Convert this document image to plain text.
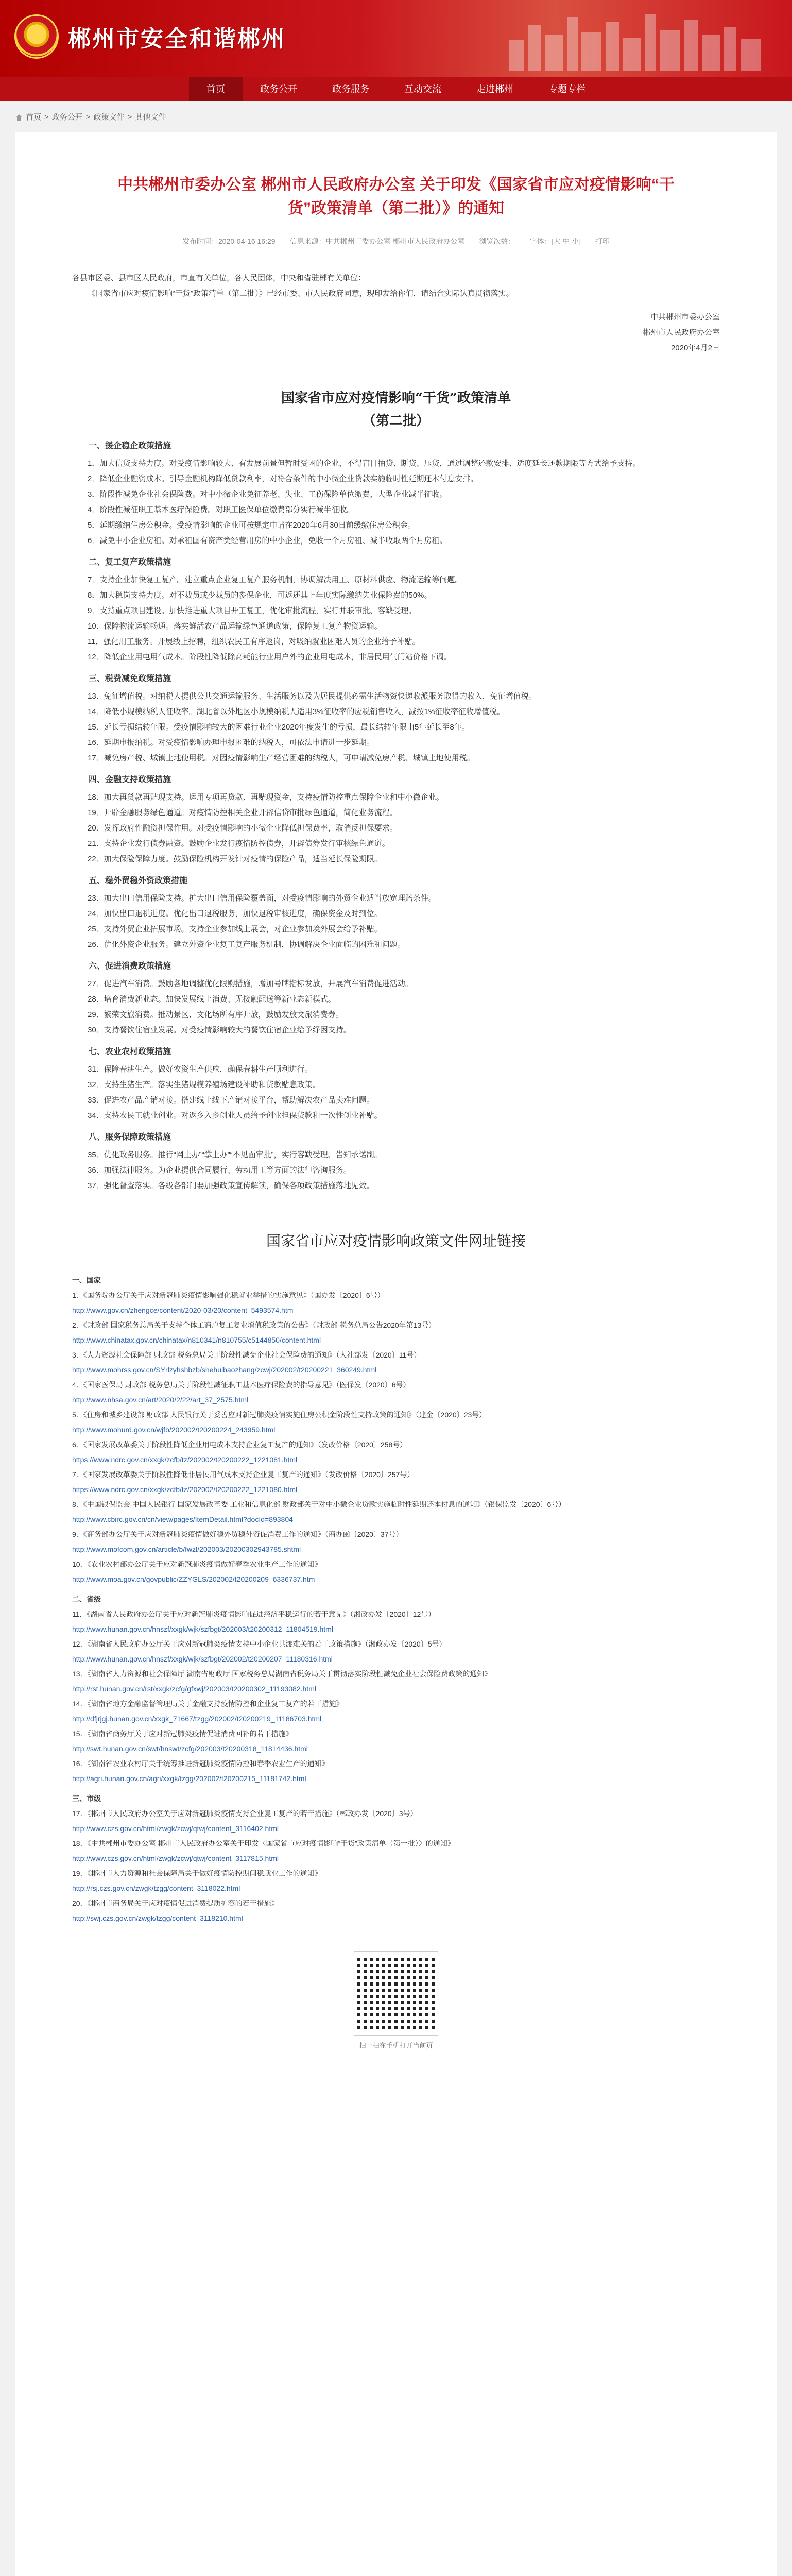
郴州市安全和谐郴州
首页	政务公开	政务服务	互动交流	走进郴州	专题专栏
首页 > 政务公开 > 政策文件 > 其他文件
中共郴州市委办公室 郴州市人民政府办公室 关于印发《国家省市应对疫情影响“干货”政策清单（第二批）》的通知
发布时间：2020-04-16 16:29 信息来源：中共郴州市委办公室 郴州市人民政府办公室 浏览次数： 字体：[大 中 小] 打印

各县市区委、县市区人民政府，市直有关单位，各人民团体，中央和省驻郴有关单位：

《国家省市应对疫情影响“干货”政策清单（第二批）》已经市委、市人民政府同意，现印发给你们，请结合实际认真贯彻落实。

中共郴州市委办公室
郴州市人民政府办公室
2020年4月2日
国家省市应对疫情影响“干货”政策清单
（第二批）
一、援企稳企政策措施

1．加大信贷支持力度。对受疫情影响较大、有发展前景但暂时受困的企业，不得盲目抽贷、断贷、压贷，通过调整还款安排、适度延长还款期限等方式给予支持。

2．降低企业融资成本。引导金融机构降低贷款利率，对符合条件的中小微企业贷款实施临时性延期还本付息安排。

3．阶段性减免企业社会保险费。对中小微企业免征养老、失业、工伤保险单位缴费，大型企业减半征收。

4．阶段性减征职工基本医疗保险费。对职工医保单位缴费部分实行减半征收。

5．延期缴纳住房公积金。受疫情影响的企业可按规定申请在2020年6月30日前缓缴住房公积金。

6．减免中小企业房租。对承租国有资产类经营用房的中小企业，免收一个月房租、减半收取两个月房租。

二、复工复产政策措施

7．支持企业加快复工复产。建立重点企业复工复产服务机制，协调解决用工、原材料供应、物流运输等问题。

8．加大稳岗支持力度。对不裁员或少裁员的参保企业，可返还其上年度实际缴纳失业保险费的50%。

9．支持重点项目建设。加快推进重大项目开工复工，优化审批流程，实行并联审批、容缺受理。

10．保障物流运输畅通。落实鲜活农产品运输绿色通道政策，保障复工复产物资运输。

11．强化用工服务。开展线上招聘，组织农民工有序返岗，对吸纳就业困难人员的企业给予补贴。

12．降低企业用电用气成本。阶段性降低除高耗能行业用户外的企业用电成本，非居民用气门站价格下调。

三、税费减免政策措施

13．免征增值税。对纳税人提供公共交通运输服务、生活服务以及为居民提供必需生活物资快递收派服务取得的收入，免征增值税。

14．降低小规模纳税人征收率。湖北省以外地区小规模纳税人适用3%征收率的应税销售收入，减按1%征收率征收增值税。

15．延长亏损结转年限。受疫情影响较大的困难行业企业2020年度发生的亏损，最长结转年限由5年延长至8年。

16．延期申报纳税。对受疫情影响办理申报困难的纳税人，可依法申请进一步延期。

17．减免房产税、城镇土地使用税。对因疫情影响生产经营困难的纳税人，可申请减免房产税、城镇土地使用税。

四、金融支持政策措施

18．加大再贷款再贴现支持。运用专项再贷款、再贴现资金，支持疫情防控重点保障企业和中小微企业。

19．开辟金融服务绿色通道。对疫情防控相关企业开辟信贷审批绿色通道，简化业务流程。

20．发挥政府性融资担保作用。对受疫情影响的小微企业降低担保费率，取消反担保要求。

21．支持企业发行债券融资。鼓励企业发行疫情防控债券，开辟债券发行审核绿色通道。

22．加大保险保障力度。鼓励保险机构开发针对疫情的保险产品，适当延长保险期限。

五、稳外贸稳外资政策措施

23．加大出口信用保险支持。扩大出口信用保险覆盖面，对受疫情影响的外贸企业适当放宽理赔条件。

24．加快出口退税进度。优化出口退税服务，加快退税审核进度，确保资金及时到位。

25．支持外贸企业拓展市场。支持企业参加线上展会，对企业参加境外展会给予补贴。

26．优化外资企业服务。建立外资企业复工复产服务机制，协调解决企业面临的困难和问题。

六、促进消费政策措施

27．促进汽车消费。鼓励各地调整优化限购措施，增加号牌指标发放，开展汽车消费促进活动。

28．培育消费新业态。加快发展线上消费、无接触配送等新业态新模式。

29．繁荣文旅消费。推动景区、文化场所有序开放，鼓励发放文旅消费券。

30．支持餐饮住宿业发展。对受疫情影响较大的餐饮住宿企业给予纾困支持。

七、农业农村政策措施

31．保障春耕生产。做好农资生产供应，确保春耕生产顺利进行。

32．支持生猪生产。落实生猪规模养殖场建设补助和贷款贴息政策。

33．促进农产品产销对接。搭建线上线下产销对接平台，帮助解决农产品卖难问题。

34．支持农民工就业创业。对返乡入乡创业人员给予创业担保贷款和一次性创业补贴。

八、服务保障政策措施

35．优化政务服务。推行“网上办”“掌上办”“不见面审批”，实行容缺受理、告知承诺制。

36．加强法律服务。为企业提供合同履行、劳动用工等方面的法律咨询服务。

37．强化督查落实。各级各部门要加强政策宣传解读，确保各项政策措施落地见效。

国家省市应对疫情影响政策文件网址链接
一、国家
1．《国务院办公厅关于应对新冠肺炎疫情影响强化稳就业举措的实施意见》（国办发〔2020〕6号）
http://www.gov.cn/zhengce/content/2020-03/20/content_5493574.htm
2．《财政部 国家税务总局关于支持个体工商户复工复业增值税政策的公告》（财政部 税务总局公告2020年第13号）
http://www.chinatax.gov.cn/chinatax/n810341/n810755/c5144850/content.html
3．《人力资源社会保障部 财政部 税务总局关于阶段性减免企业社会保险费的通知》（人社部发〔2020〕11号）
http://www.mohrss.gov.cn/SYrlzyhshbzb/shehuibaozhang/zcwj/202002/t20200221_360249.html
4．《国家医保局 财政部 税务总局关于阶段性减征职工基本医疗保险费的指导意见》（医保发〔2020〕6号）
http://www.nhsa.gov.cn/art/2020/2/22/art_37_2575.html
5．《住房和城乡建设部 财政部 人民银行关于妥善应对新冠肺炎疫情实施住房公积金阶段性支持政策的通知》（建金〔2020〕23号）
http://www.mohurd.gov.cn/wjfb/202002/t20200224_243959.html
6．《国家发展改革委关于阶段性降低企业用电成本支持企业复工复产的通知》（发改价格〔2020〕258号）
https://www.ndrc.gov.cn/xxgk/zcfb/tz/202002/t20200222_1221081.html
7．《国家发展改革委关于阶段性降低非居民用气成本支持企业复工复产的通知》（发改价格〔2020〕257号）
https://www.ndrc.gov.cn/xxgk/zcfb/tz/202002/t20200222_1221080.html
8．《中国银保监会 中国人民银行 国家发展改革委 工业和信息化部 财政部关于对中小微企业贷款实施临时性延期还本付息的通知》（银保监发〔2020〕6号）
http://www.cbirc.gov.cn/cn/view/pages/ItemDetail.html?docId=893804
9．《商务部办公厅关于应对新冠肺炎疫情做好稳外贸稳外资促消费工作的通知》（商办函〔2020〕37号）
http://www.mofcom.gov.cn/article/b/fwzl/202003/20200302943785.shtml
10．《农业农村部办公厅关于应对新冠肺炎疫情做好春季农业生产工作的通知》
http://www.moa.gov.cn/govpublic/ZZYGLS/202002/t20200209_6336737.htm
二、省级
11．《湖南省人民政府办公厅关于应对新冠肺炎疫情影响促进经济平稳运行的若干意见》（湘政办发〔2020〕12号）
http://www.hunan.gov.cn/hnszf/xxgk/wjk/szfbgt/202003/t20200312_11804519.html
12．《湖南省人民政府办公厅关于应对新冠肺炎疫情支持中小企业共渡难关的若干政策措施》（湘政办发〔2020〕5号）
http://www.hunan.gov.cn/hnszf/xxgk/wjk/szfbgt/202002/t20200207_11180316.html
13．《湖南省人力资源和社会保障厅 湖南省财政厅 国家税务总局湖南省税务局关于贯彻落实阶段性减免企业社会保险费政策的通知》
http://rst.hunan.gov.cn/rst/xxgk/zcfg/gfxwj/202003/t20200302_11193082.html
14．《湖南省地方金融监督管理局关于金融支持疫情防控和企业复工复产的若干措施》
http://dfjrjgj.hunan.gov.cn/xxgk_71667/tzgg/202002/t20200219_11186703.html
15．《湖南省商务厅关于应对新冠肺炎疫情促进消费回补的若干措施》
http://swt.hunan.gov.cn/swt/hnswt/zcfg/202003/t20200318_11814436.html
16．《湖南省农业农村厅关于统筹推进新冠肺炎疫情防控和春季农业生产的通知》
http://agri.hunan.gov.cn/agri/xxgk/tzgg/202002/t20200215_11181742.html
三、市级
17．《郴州市人民政府办公室关于应对新冠肺炎疫情支持企业复工复产的若干措施》（郴政办发〔2020〕3号）
http://www.czs.gov.cn/html/zwgk/zcwj/qtwj/content_3116402.html
18．《中共郴州市委办公室 郴州市人民政府办公室关于印发〈国家省市应对疫情影响“干货”政策清单（第一批）〉的通知》
http://www.czs.gov.cn/html/zwgk/zcwj/qtwj/content_3117815.html
19．《郴州市人力资源和社会保障局关于做好疫情防控期间稳就业工作的通知》
http://rsj.czs.gov.cn/zwgk/tzgg/content_3118022.html
20．《郴州市商务局关于应对疫情促进消费提质扩容的若干措施》
http://swj.czs.gov.cn/zwgk/tzgg/content_3118210.html
扫一扫在手机打开当前页
